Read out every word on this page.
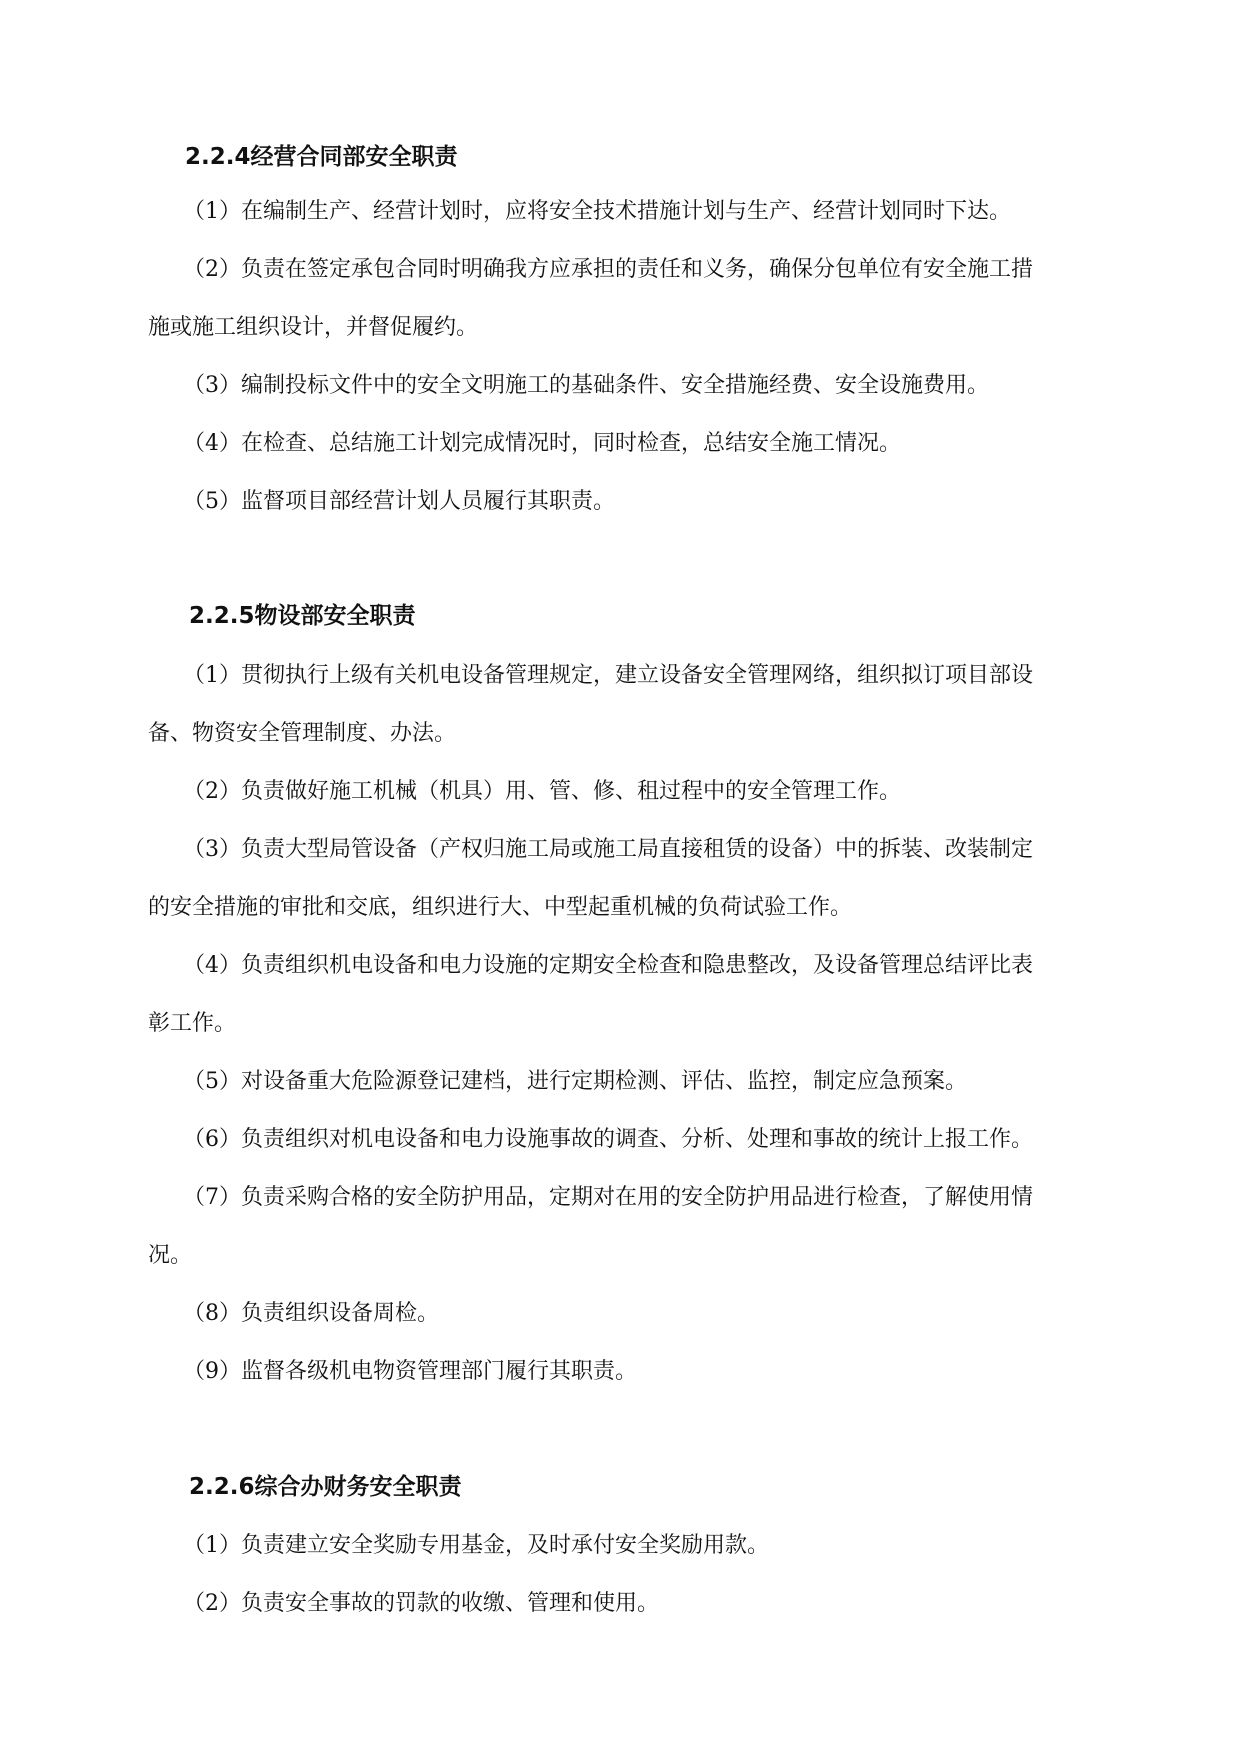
2.2.4经营合同部安全职责
（1）在编制生产、经营计划时，应将安全技术措施计划与生产、经营计划同时下达。
（2）负责在签定承包合同时明确我方应承担的责任和义务，确保分包单位有安全施工措
施或施工组织设计，并督促履约。
（3）编制投标文件中的安全文明施工的基础条件、安全措施经费、安全设施费用。
（4）在检查、总结施工计划完成情况时，同时检查，总结安全施工情况。
（5）监督项目部经营计划人员履行其职责。
2.2.5物设部安全职责
（1）贯彻执行上级有关机电设备管理规定，建立设备安全管理网络，组织拟订项目部设
备、物资安全管理制度、办法。
（2）负责做好施工机械（机具）用、管、修、租过程中的安全管理工作。
（3）负责大型局管设备（产权归施工局或施工局直接租赁的设备）中的拆装、改装制定
的安全措施的审批和交底，组织进行大、中型起重机械的负荷试验工作。
（4）负责组织机电设备和电力设施的定期安全检查和隐患整改，及设备管理总结评比表
彰工作。
（5）对设备重大危险源登记建档，进行定期检测、评估、监控，制定应急预案。
（6）负责组织对机电设备和电力设施事故的调查、分析、处理和事故的统计上报工作。
（7）负责采购合格的安全防护用品，定期对在用的安全防护用品进行检查，了解使用情
况。
（8）负责组织设备周检。
（9）监督各级机电物资管理部门履行其职责。
2.2.6综合办财务安全职责
（1）负责建立安全奖励专用基金，及时承付安全奖励用款。
（2）负责安全事故的罚款的收缴、管理和使用。
